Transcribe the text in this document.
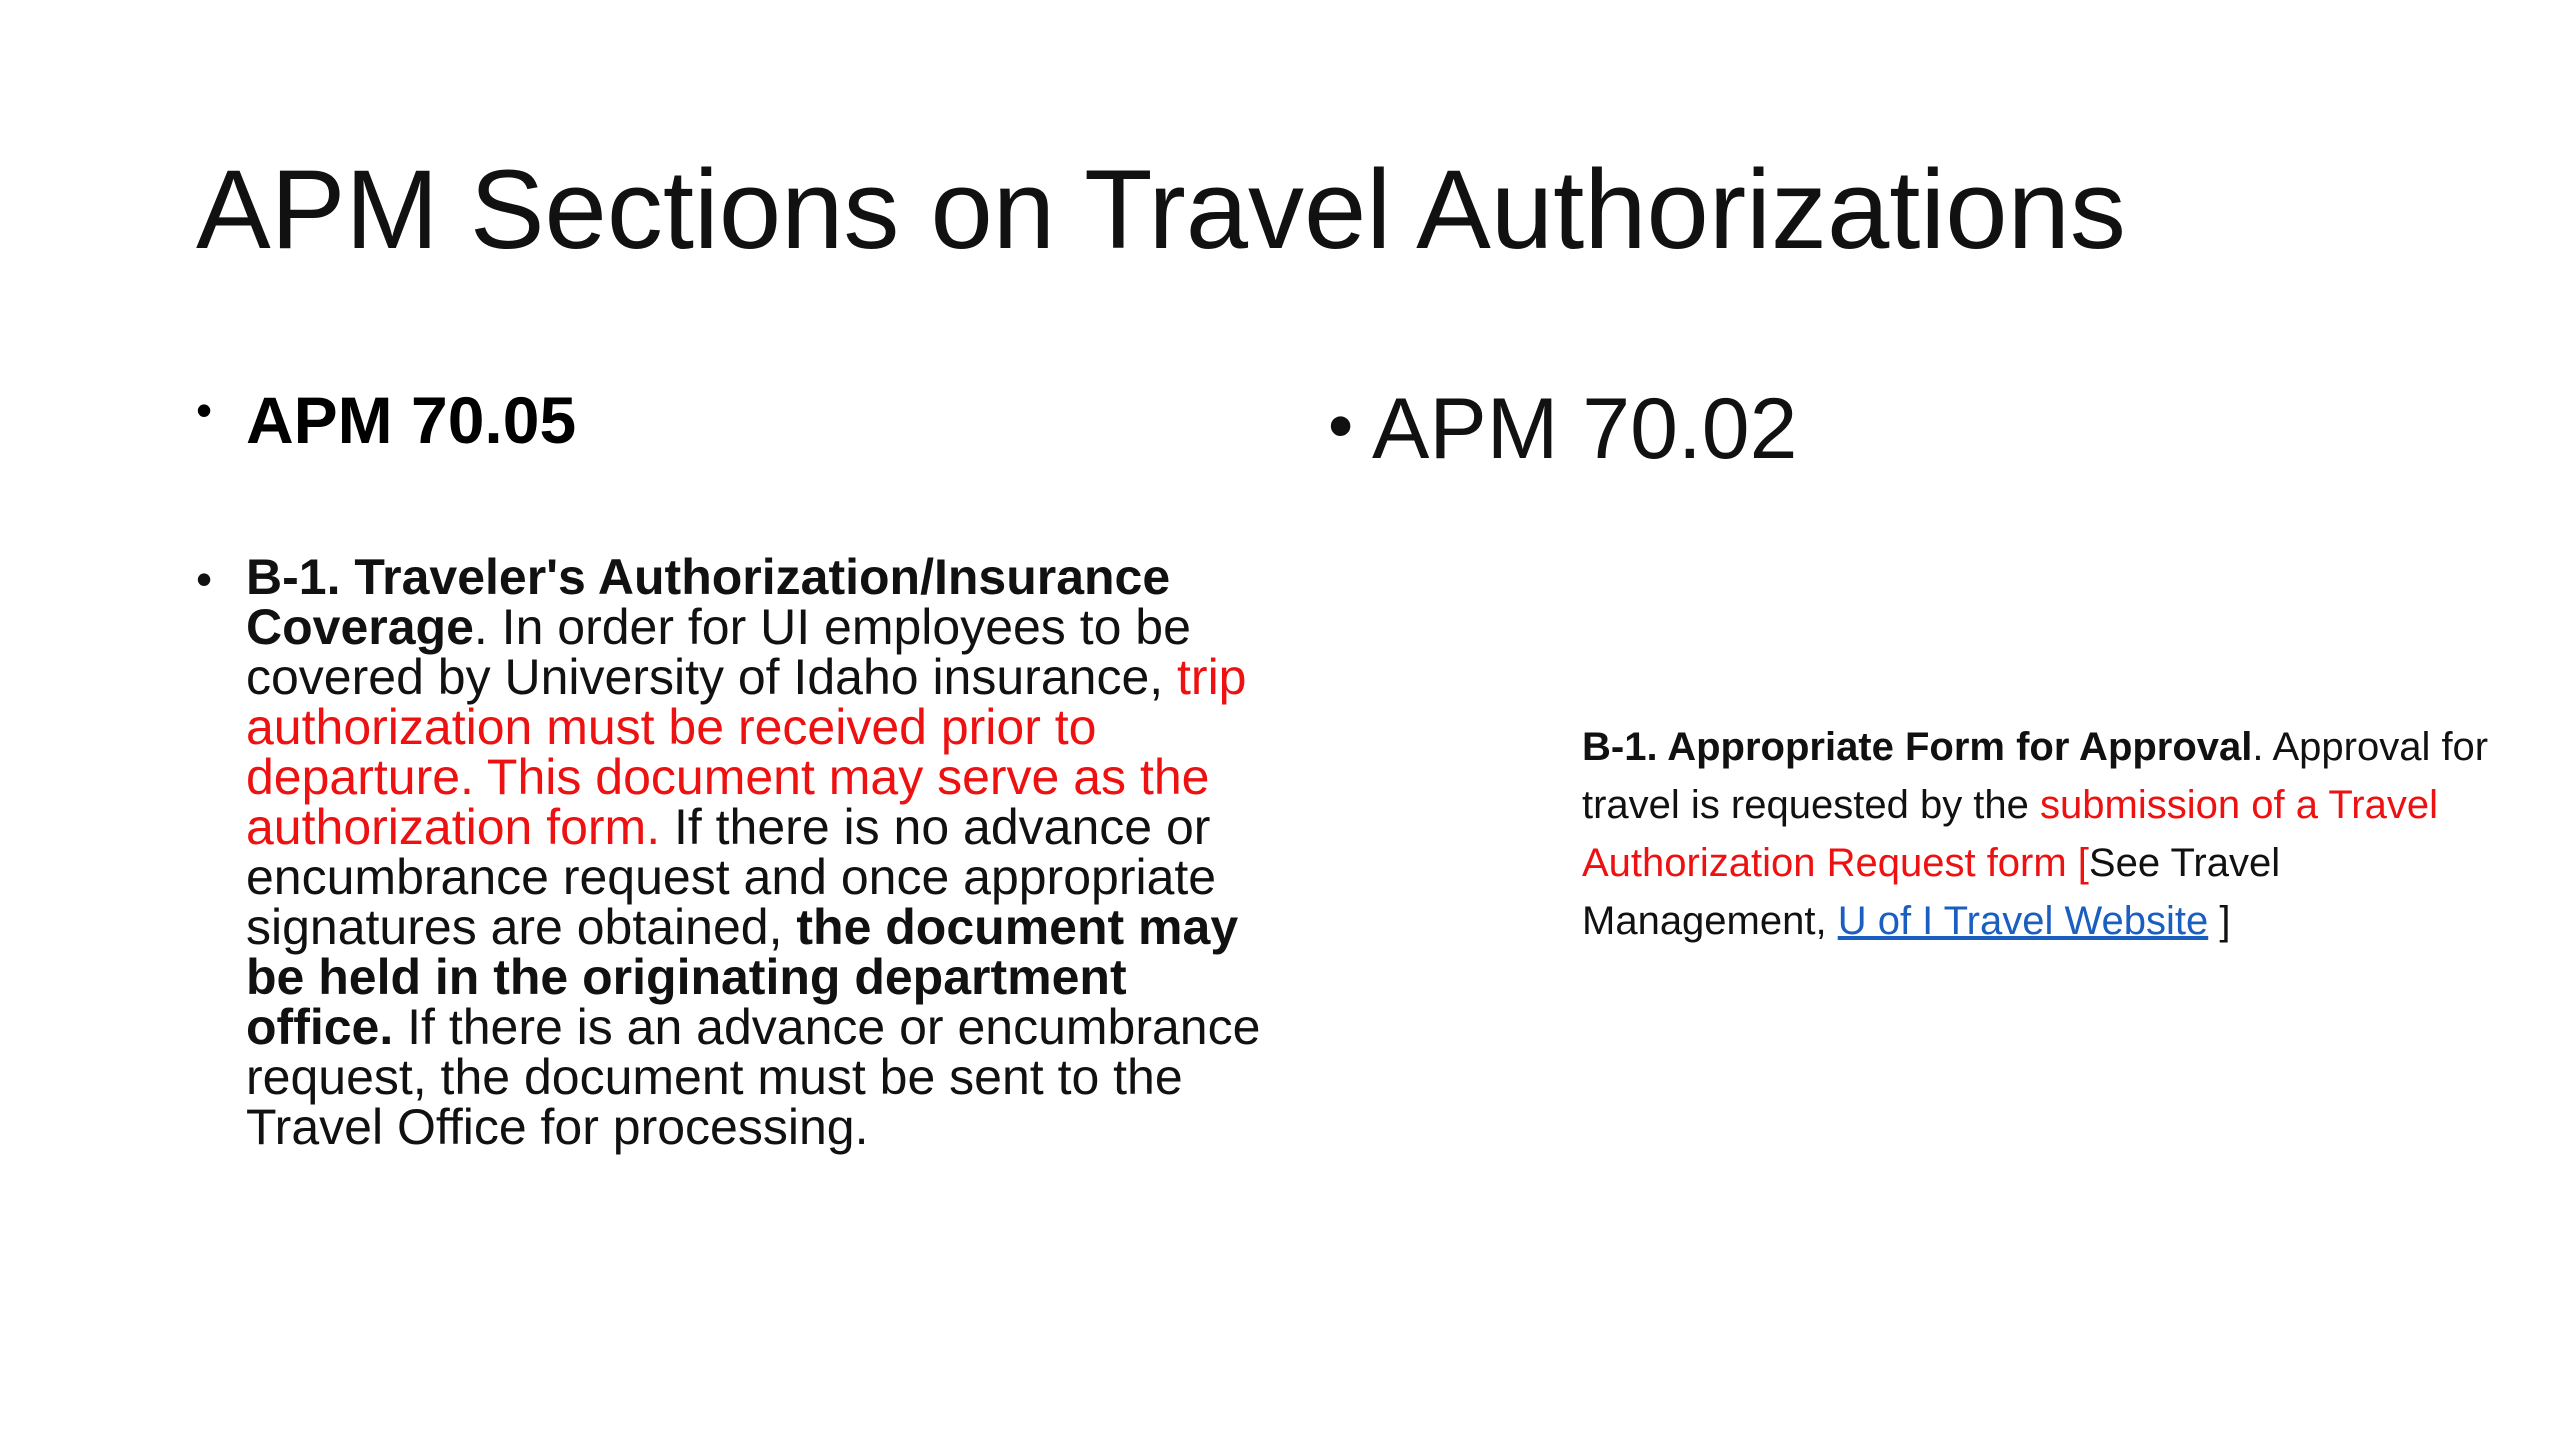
APM Sections on Travel Authorizations
• APM 70.05	• APM 70.02
• B-1. Traveler's Authorization/Insurance Coverage. In order for UI employees to be covered by University of Idaho insurance, trip authorization must be received prior to departure. This document may serve as the authorization form. If there is no advance or encumbrance request and once appropriate signatures are obtained, the document may be held in the originating department office. If there is an advance or encumbrance request, the document must be sent to the Travel Office for processing.
B-1. Appropriate Form for Approval. Approval for travel is requested by the submission of a Travel Authorization Request form [See Travel Management, U of I Travel Website ]
